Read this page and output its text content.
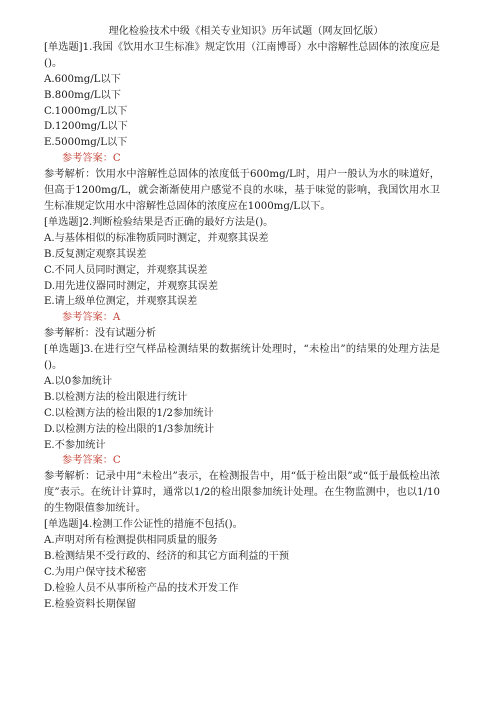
理化检验技术中级《相关专业知识》历年试题（网友回忆版）
[单选题]1.我国《饮用水卫生标准》规定饮用（江南博哥）水中溶解性总固体的浓度应是()。
A.600mg/L以下
B.800mg/L以下
C.1000mg/L以下
D.1200mg/L以下
E.5000mg/L以下
参考答案：C
参考解析：饮用水中溶解性总固体的浓度低于600mg/L时，用户一般认为水的味道好，但高于1200mg/L，就会渐渐使用户感觉不良的水味，基于味觉的影响，我国饮用水卫生标准规定饮用水中溶解性总固体的浓度应在1000mg/L以下。
[单选题]2.判断检验结果是否正确的最好方法是()。
A.与基体相似的标准物质同时测定，并观察其误差
B.反复测定观察其误差
C.不同人员同时测定，并观察其误差
D.用先进仪器同时测定，并观察其误差
E.请上级单位测定，并观察其误差
参考答案：A
参考解析：没有试题分析
[单选题]3.在进行空气样品检测结果的数据统计处理时，“未检出”的结果的处理方法是()。
A.以0参加统计
B.以检测方法的检出限进行统计
C.以检测方法的检出限的1/2参加统计
D.以检测方法的检出限的1/3参加统计
E.不参加统计
参考答案：C
参考解析：记录中用“未检出”表示，在检测报告中，用“低于检出限”或“低于最低检出浓度”表示。在统计计算时，通常以1/2的检出限参加统计处理。在生物监测中，也以1/10的生物限值参加统计。
[单选题]4.检测工作公证性的措施不包括()。
A.声明对所有检测提供相同质量的服务
B.检测结果不受行政的、经济的和其它方面利益的干预
C.为用户保守技术秘密
D.检验人员不从事所检产品的技术开发工作
E.检验资料长期保留
